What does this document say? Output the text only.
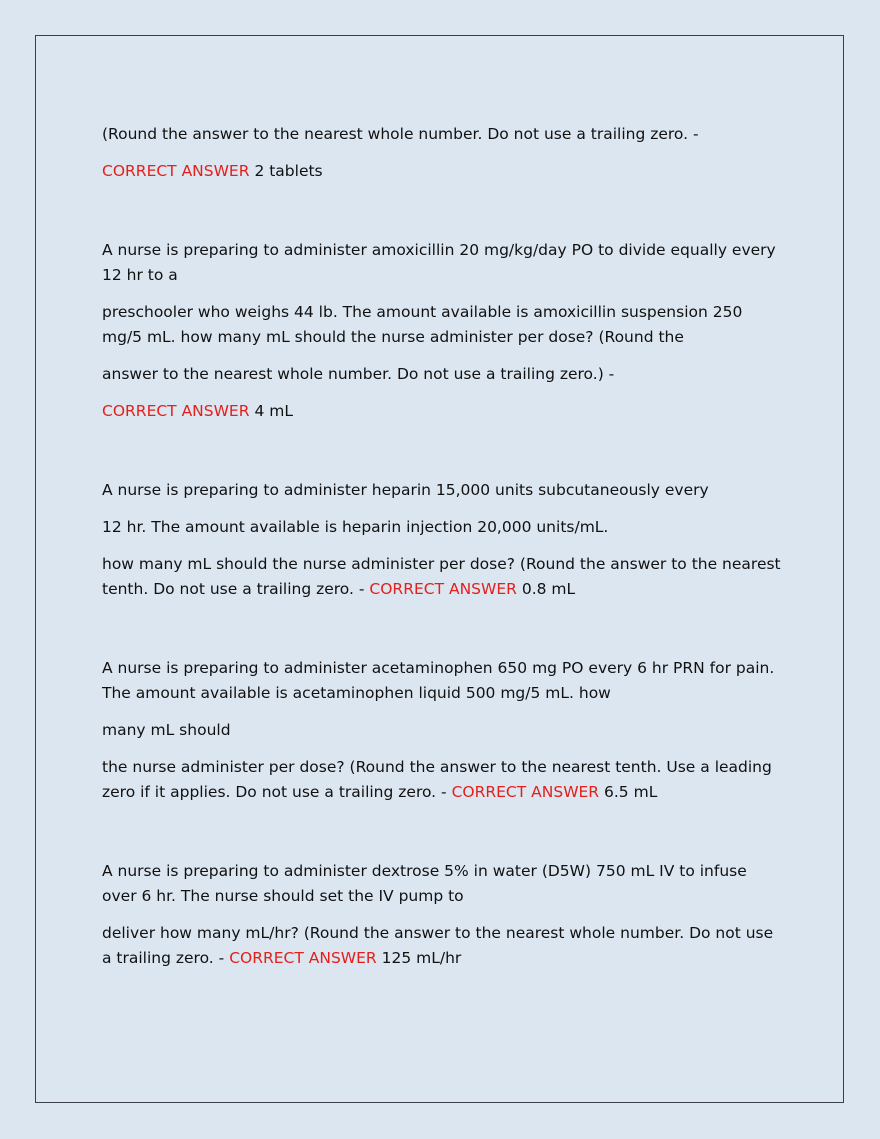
(Round the answer to the nearest whole number. Do not use a trailing zero. -

CORRECT ANSWER 2 tablets

A nurse is preparing to administer amoxicillin 20 mg/kg/day PO to divide equally every 12 hr to a

preschooler who weighs 44 lb. The amount available is amoxicillin suspension 250 mg/5 mL. how many mL should the nurse administer per dose? (Round the

answer to the nearest whole number. Do not use a trailing zero.) -

CORRECT ANSWER 4 mL

A nurse is preparing to administer heparin 15,000 units subcutaneously every

12 hr. The amount available is heparin injection 20,000 units/mL.

how many mL should the nurse administer per dose? (Round the answer to the nearest tenth. Do not use a trailing zero. - CORRECT ANSWER 0.8 mL

A nurse is preparing to administer acetaminophen 650 mg PO every 6 hr PRN for pain. The amount available is acetaminophen liquid 500 mg/5 mL. how

many mL should

the nurse administer per dose? (Round the answer to the nearest tenth. Use a leading zero if it applies. Do not use a trailing zero. - CORRECT ANSWER 6.5 mL

A nurse is preparing to administer dextrose 5% in water (D5W) 750 mL IV to infuse over 6 hr. The nurse should set the IV pump to

deliver how many mL/hr? (Round the answer to the nearest whole number. Do not use a trailing zero. - CORRECT ANSWER 125 mL/hr
